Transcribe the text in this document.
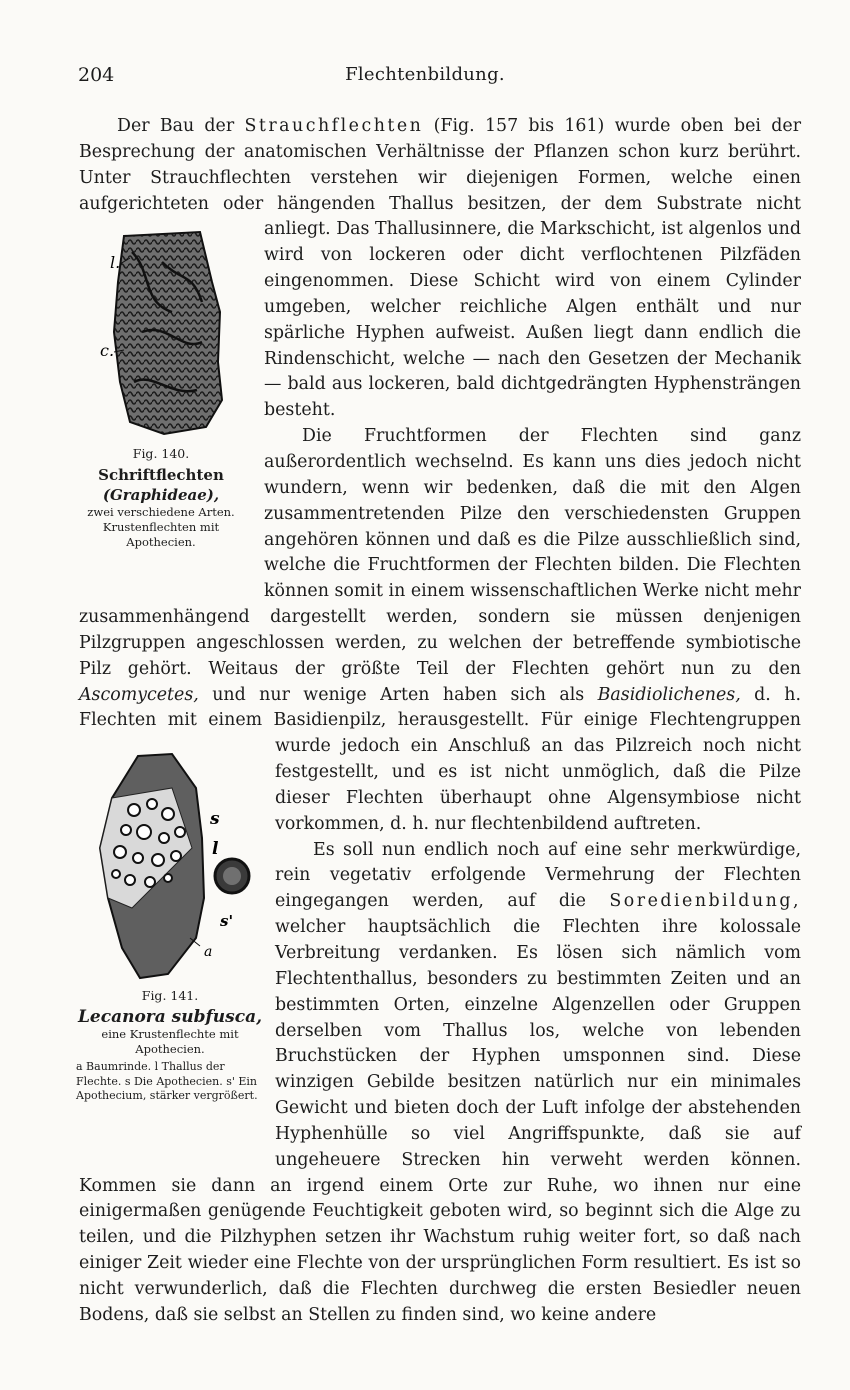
204	Flechtenbildung.

Der Bau der Strauchflechten (Fig. 157 bis 161) wurde oben bei der Besprechung der anatomischen Verhältnisse der Pflanzen schon kurz berührt. Unter Strauchflechten verstehen wir diejenigen Formen, welche einen aufgerichteten oder hängenden Thallus besitzen, der dem Substrate nicht anliegt. Das Thallusinnere, die Markschicht, ist algenlos und wird von lockeren oder dicht verflochtenen Pilzfäden eingenommen. Diese Schicht wird von einem Cylinder umgeben, welcher reichliche Algen enthält und nur spärliche Hyphen aufweist. Außen liegt dann endlich die Rindenschicht, welche — nach den Gesetzen der Mechanik — bald aus lockeren, bald dichtgedrängten Hyphensträngen besteht.

Die Fruchtformen der Flechten sind ganz außerordentlich wechselnd. Es kann uns dies jedoch nicht wundern, wenn wir bedenken, daß die mit den Algen zusammentretenden Pilze den verschiedensten Gruppen angehören können und daß es die Pilze ausschließlich sind, welche die Fruchtformen der Flechten bilden. Die Flechten können somit in einem wissenschaftlichen Werke nicht mehr zusammenhängend dargestellt werden, sondern sie müssen denjenigen Pilzgruppen angeschlossen werden, zu welchen der betreffende symbiotische Pilz gehört. Weitaus der größte Teil der Flechten gehört nun zu den Ascomycetes, und nur wenige Arten haben sich als Basidiolichenes, d. h. Flechten mit einem Basidienpilz, herausgestellt. Für einige Flechtengruppen wurde jedoch ein Anschluß an das Pilzreich noch nicht festgestellt, und es ist nicht unmöglich, daß die Pilze dieser Flechten überhaupt ohne Algensymbiose nicht vorkommen, d. h. nur flechtenbildend auftreten.

Es soll nun endlich noch auf eine sehr merkwürdige, rein vegetativ erfolgende Vermehrung der Flechten eingegangen werden, auf die Soredienbildung, welcher hauptsächlich die Flechten ihre kolossale Verbreitung verdanken. Es lösen sich nämlich vom Flechtenthallus, besonders zu bestimmten Zeiten und an bestimmten Orten, einzelne Algenzellen oder Gruppen derselben vom Thallus los, welche von lebenden Bruchstücken der Hyphen umsponnen sind. Diese winzigen Gebilde besitzen natürlich nur ein minimales Gewicht und bieten doch der Luft infolge der abstehenden Hyphenhülle so viel Angriffspunkte, daß sie auf ungeheuere Strecken hin verweht werden können. Kommen sie dann an irgend einem Orte zur Ruhe, wo ihnen nur eine einigermaßen genügende Feuchtigkeit geboten wird, so beginnt sich die Alge zu teilen, und die Pilzhyphen setzen ihr Wachstum ruhig weiter fort, so daß nach einiger Zeit wieder eine Flechte von der ursprünglichen Form resultiert. Es ist so nicht verwunderlich, daß die Flechten durchweg die ersten Besiedler neuen Bodens, daß sie selbst an Stellen zu finden sind, wo keine andere

l.
c.
Fig. 140.
Schriftflechten (Graphideae),
zwei verschiedene Arten. Krustenflechten mit Apothecien.
s
l
s'
a
Fig. 141.
Lecanora subfusca,
eine Krustenflechte mit Apothecien.
a Baumrinde. l Thallus der Flechte. s Die Apothecien. s' Ein Apothecium, stärker vergrößert.
